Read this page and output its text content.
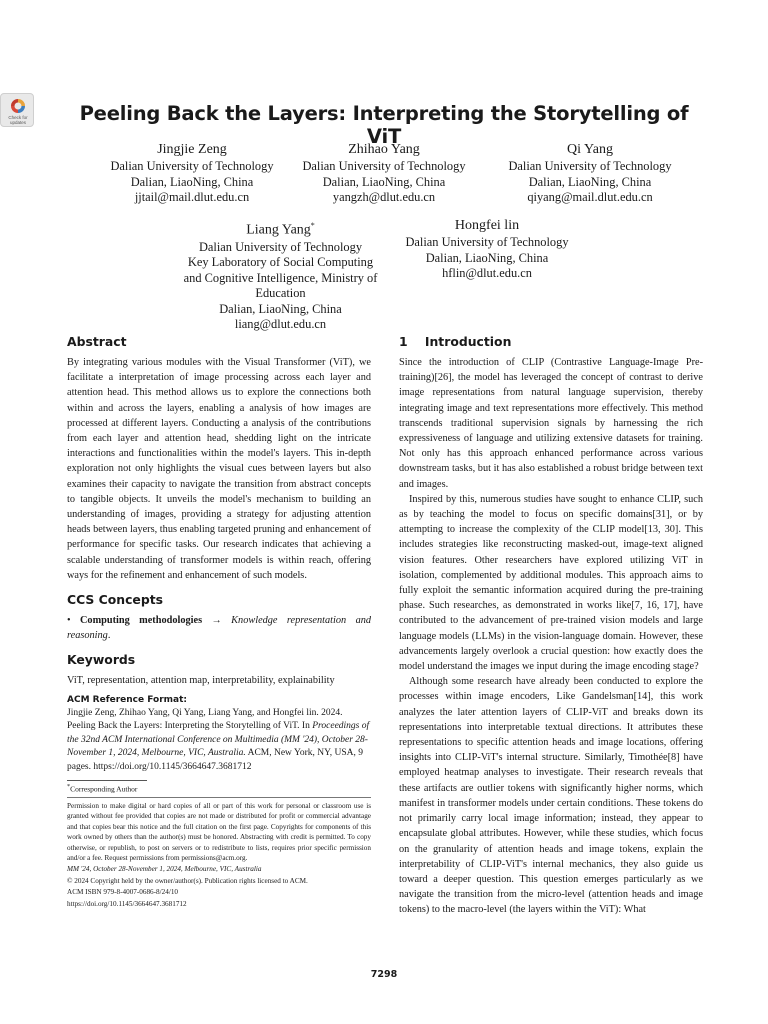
Check for updates	Peeling Back the Layers: Interpreting the Storytelling of ViT
Jingjie Zeng
Dalian University of Technology
Dalian, LiaoNing, China
jjtail@mail.dlut.edu.cn
Zhihao Yang
Dalian University of Technology
Dalian, LiaoNing, China
yangzh@dlut.edu.cn
Qi Yang
Dalian University of Technology
Dalian, LiaoNing, China
qiyang@mail.dlut.edu.cn
Liang Yang*
Dalian University of Technology
Key Laboratory of Social Computing and Cognitive Intelligence, Ministry of Education
Dalian, LiaoNing, China
liang@dlut.edu.cn
Hongfei lin
Dalian University of Technology
Dalian, LiaoNing, China
hflin@dlut.edu.cn
Abstract

By integrating various modules with the Visual Transformer (ViT), we facilitate a interpretation of image processing across each layer and attention head. This method allows us to explore the connections both within and across the layers, enabling a analysis of how images are processed at different layers. Conducting a analysis of the contributions from each layer and attention head, shedding light on the intricate interactions and functionalities within the model's layers. This in-depth exploration not only highlights the visual cues between layers but also examines their capacity to navigate the transition from abstract concepts to tangible objects. It unveils the model's mechanism to building an understanding of images, providing a strategy for adjusting attention heads between layers, thus enabling targeted pruning and enhancement of performance for specific tasks. Our research indicates that achieving a scalable understanding of transformer models is within reach, offering ways for the refinement and enhancement of such models.

CCS Concepts

• Computing methodologies → Knowledge representation and reasoning.

Keywords

ViT, representation, attention map, interpretability, explainability

ACM Reference Format:

Jingjie Zeng, Zhihao Yang, Qi Yang, Liang Yang, and Hongfei lin. 2024. Peeling Back the Layers: Interpreting the Storytelling of ViT. In Proceedings of the 32nd ACM International Conference on Multimedia (MM '24), October 28-November 1, 2024, Melbourne, VIC, Australia. ACM, New York, NY, USA, 9 pages. https://doi.org/10.1145/3664647.3681712

*Corresponding Author

Permission to make digital or hard copies of all or part of this work for personal or classroom use is granted without fee provided that copies are not made or distributed for profit or commercial advantage and that copies bear this notice and the full citation on the first page. Copyrights for components of this work owned by others than the author(s) must be honored. Abstracting with credit is permitted. To copy otherwise, or republish, to post on servers or to redistribute to lists, requires prior specific permission and/or a fee. Request permissions from permissions@acm.org.

MM '24, October 28-November 1, 2024, Melbourne, VIC, Australia

© 2024 Copyright held by the owner/author(s). Publication rights licensed to ACM.

ACM ISBN 979-8-4007-0686-8/24/10

https://doi.org/10.1145/3664647.3681712

1    Introduction

Since the introduction of CLIP (Contrastive Language-Image Pre-training)[26], the model has leveraged the concept of contrast to derive image representations from natural language supervision, thereby integrating image and text representations more effectively. This method transcends traditional supervision signals by harnessing the rich expressiveness of language and utilizing extensive datasets for training. Not only has this approach enhanced performance across various downstream tasks, but it has also established a robust bridge between text and images.

Inspired by this, numerous studies have sought to enhance CLIP, such as by teaching the model to focus on specific domains[31], or by attempting to increase the complexity of the CLIP model[13, 30]. This includes strategies like reconstructing masked-out, image-text aligned vision features. Other researchers have explored utilizing ViT in isolation, complemented by additional modules. This approach aims to fully exploit the semantic information acquired during the pre-training phase. Such researches, as demonstrated in works like[7, 16, 17], have contributed to the advancement of pre-trained vision models and large language models (LLMs) in the vision-language domain. However, these advancements largely overlook a crucial question: how exactly does the model understand the images we input during the image encoding stage?

Although some research have already been conducted to explore the processes within image encoders, Like Gandelsman[14], this work analyzes the later attention layers of CLIP-ViT and breaks down its representations into interpretable textual directions. It attributes these representations to specific attention heads and image locations, offering insights into CLIP-ViT's internal structure. Similarly, Timothée[8] have employed heatmap analyses to investigate. Their research reveals that these artifacts are outlier tokens with significantly higher norms, which manifest in transformer models under certain conditions. These tokens do not primarily carry local image information; instead, they appear to encapsulate global attributes. However, while these studies, which focus on the granularity of attention heads and image tokens, explain the interpretability of CLIP-ViT's internal mechanics, they also guide us toward a deeper question. This question emerges particularly as we navigate the transition from the micro-level (attention heads and image tokens) to the macro-level (the layers within the ViT): What

7298
